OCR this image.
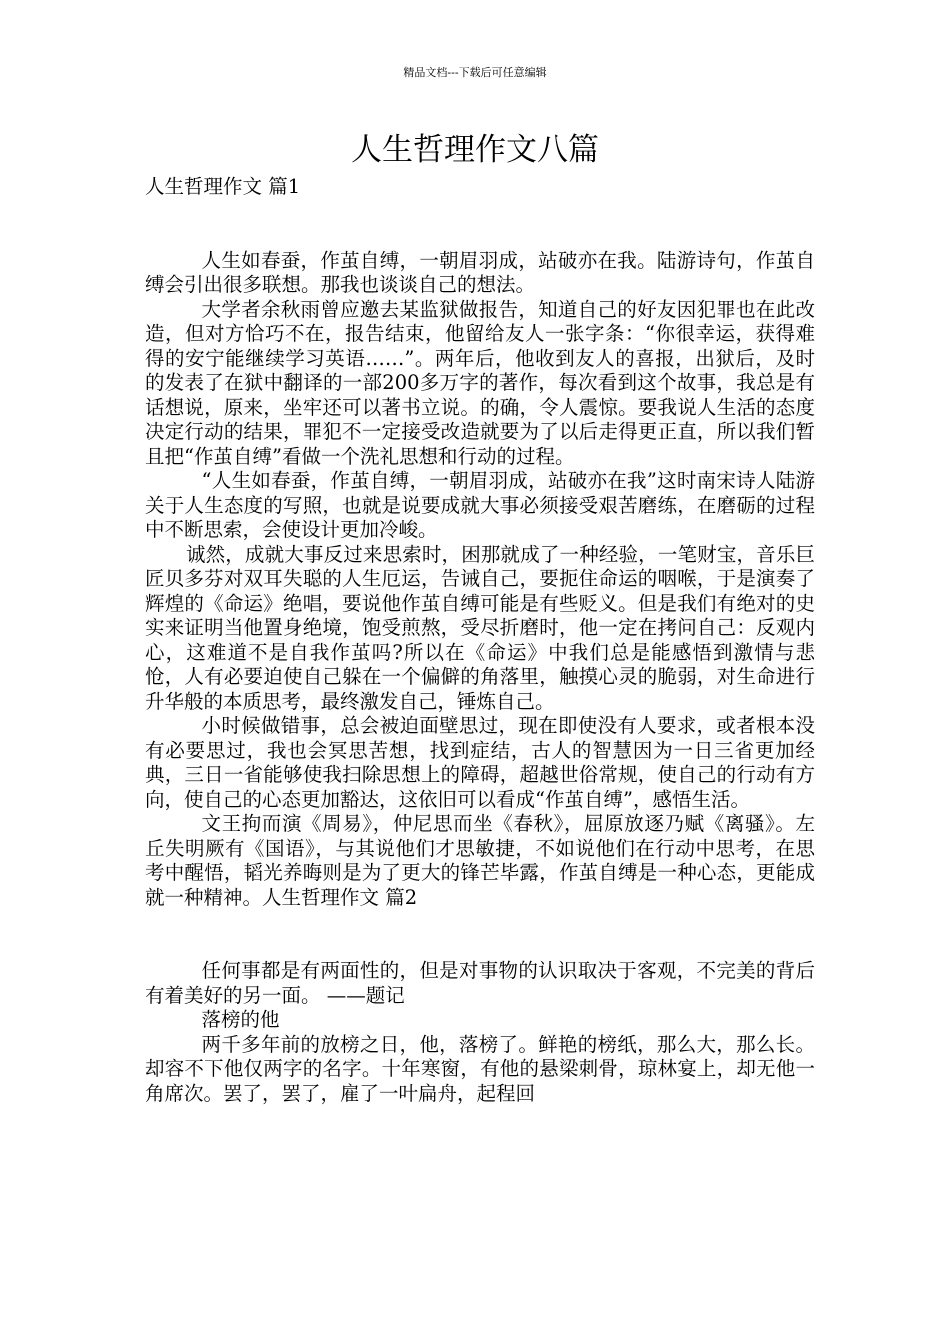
精品文档---下载后可任意编辑
人生哲理作文八篇

人生哲理作文 篇1

人生如春蚕，作茧自缚，一朝眉羽成，站破亦在我。陆游诗句，作茧自缚会引出很多联想。那我也谈谈自己的想法。

大学者余秋雨曾应邀去某监狱做报告，知道自己的好友因犯罪也在此改造，但对方恰巧不在，报告结束，他留给友人一张字条：“你很幸运，获得难得的安宁能继续学习英语……”。两年后，他收到友人的喜报，出狱后，及时的发表了在狱中翻译的一部200多万字的著作，每次看到这个故事，我总是有话想说，原来，坐牢还可以著书立说。的确，令人震惊。要我说人生活的态度决定行动的结果，罪犯不一定接受改造就要为了以后走得更正直，所以我们暂且把“作茧自缚”看做一个洗礼思想和行动的过程。

“人生如春蚕，作茧自缚，一朝眉羽成，站破亦在我”这时南宋诗人陆游关于人生态度的写照，也就是说要成就大事必须接受艰苦磨练，在磨砺的过程中不断思索，会使设计更加冷峻。

诚然，成就大事反过来思索时，困那就成了一种经验，一笔财宝，音乐巨匠贝多芬对双耳失聪的人生厄运，告诫自己，要扼住命运的咽喉，于是演奏了辉煌的《命运》绝唱，要说他作茧自缚可能是有些贬义。但是我们有绝对的史实来证明当他置身绝境，饱受煎熬，受尽折磨时，他一定在拷问自己：反观内心，这难道不是自我作茧吗?所以在《命运》中我们总是能感悟到激情与悲怆，人有必要迫使自己躲在一个偏僻的角落里，触摸心灵的脆弱，对生命进行升华般的本质思考，最终激发自己，锤炼自己。

小时候做错事，总会被迫面壁思过，现在即使没有人要求，或者根本没有必要思过，我也会冥思苦想，找到症结，古人的智慧因为一日三省更加经典，三日一省能够使我扫除思想上的障碍，超越世俗常规，使自己的行动有方向，使自己的心态更加豁达，这依旧可以看成“作茧自缚”，感悟生活。

文王拘而演《周易》，仲尼思而坐《春秋》，屈原放逐乃赋《离骚》。左丘失明厥有《国语》，与其说他们才思敏捷，不如说他们在行动中思考，在思考中醒悟，韬光养晦则是为了更大的锋芒毕露，作茧自缚是一种心态，更能成就一种精神。人生哲理作文 篇2

任何事都是有两面性的，但是对事物的认识取决于客观，不完美的背后有着美好的另一面。 ——题记

落榜的他

两千多年前的放榜之日，他，落榜了。鲜艳的榜纸，那么大，那么长。却容不下他仅两字的名字。十年寒窗，有他的悬梁刺骨，琼林宴上，却无他一角席次。罢了，罢了，雇了一叶扁舟，起程回
